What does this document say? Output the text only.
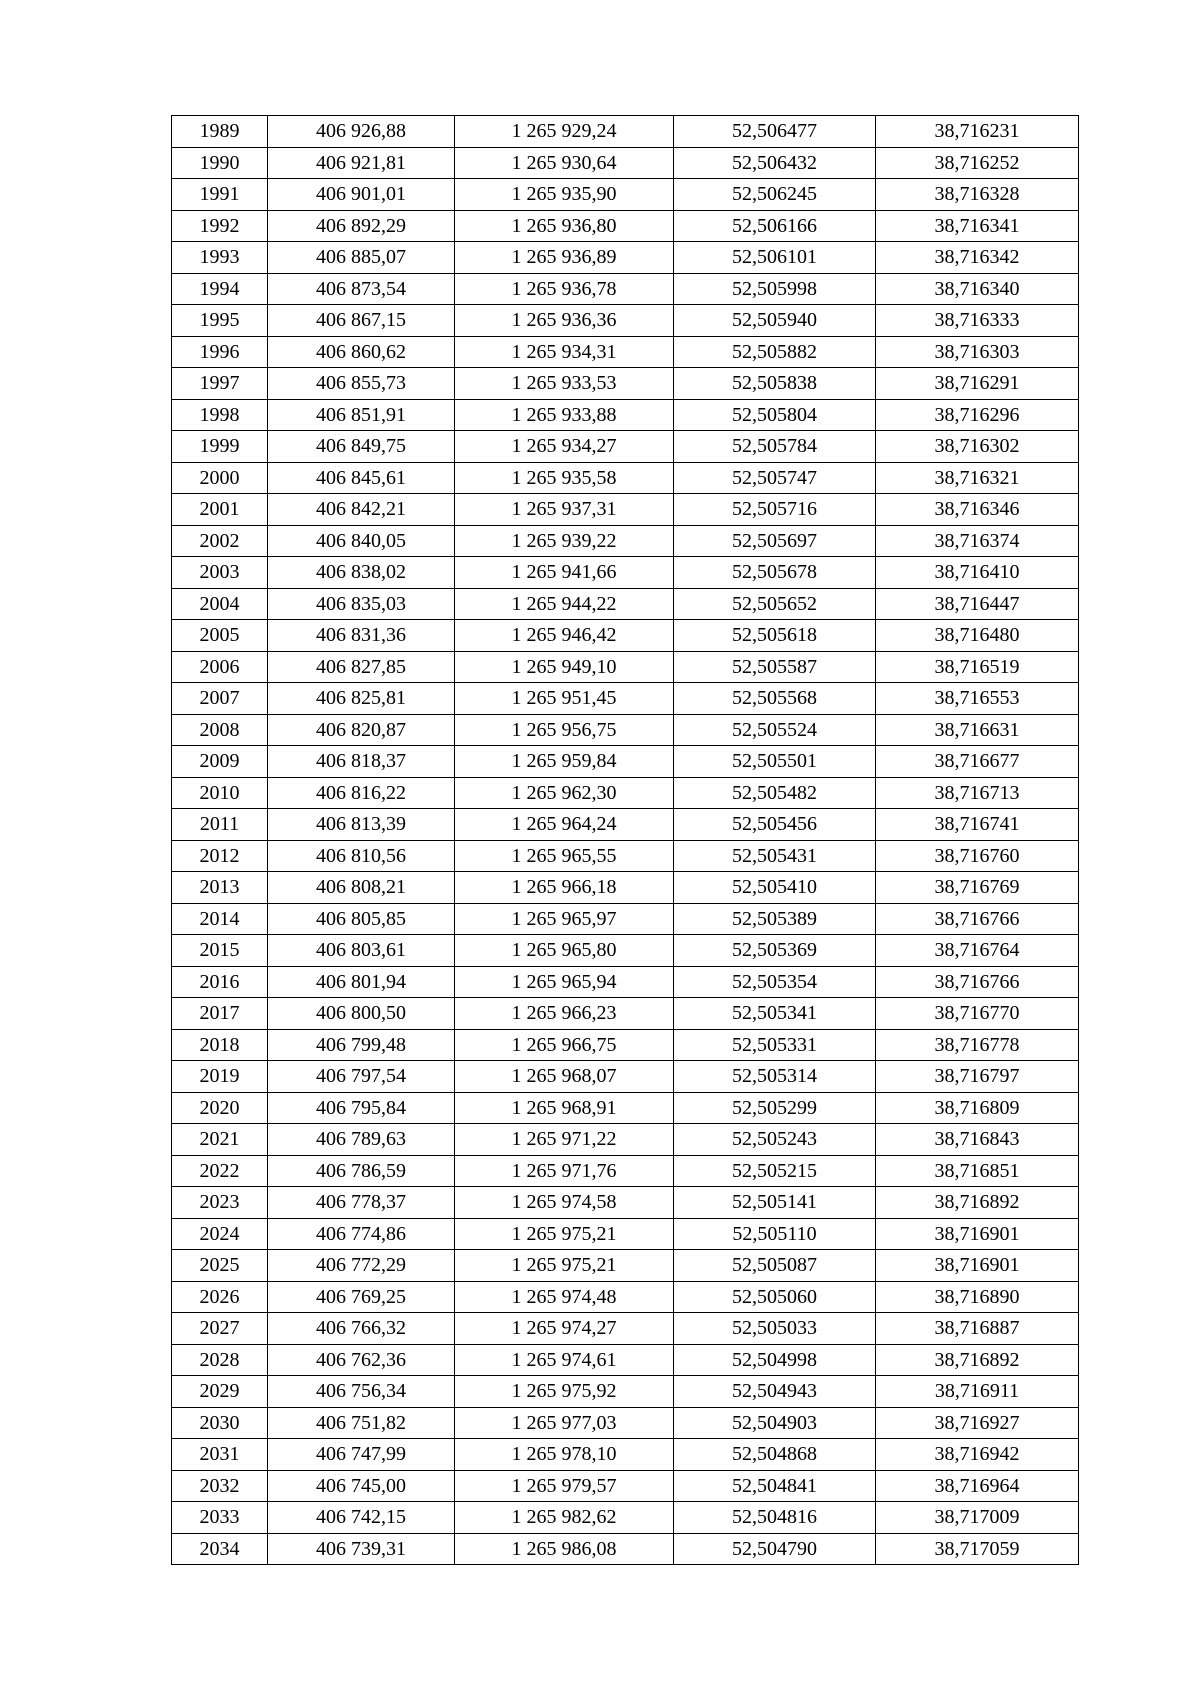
1989	406 926,88	1 265 929,24	52,506477	38,716231
1990	406 921,81	1 265 930,64	52,506432	38,716252
1991	406 901,01	1 265 935,90	52,506245	38,716328
1992	406 892,29	1 265 936,80	52,506166	38,716341
1993	406 885,07	1 265 936,89	52,506101	38,716342
1994	406 873,54	1 265 936,78	52,505998	38,716340
1995	406 867,15	1 265 936,36	52,505940	38,716333
1996	406 860,62	1 265 934,31	52,505882	38,716303
1997	406 855,73	1 265 933,53	52,505838	38,716291
1998	406 851,91	1 265 933,88	52,505804	38,716296
1999	406 849,75	1 265 934,27	52,505784	38,716302
2000	406 845,61	1 265 935,58	52,505747	38,716321
2001	406 842,21	1 265 937,31	52,505716	38,716346
2002	406 840,05	1 265 939,22	52,505697	38,716374
2003	406 838,02	1 265 941,66	52,505678	38,716410
2004	406 835,03	1 265 944,22	52,505652	38,716447
2005	406 831,36	1 265 946,42	52,505618	38,716480
2006	406 827,85	1 265 949,10	52,505587	38,716519
2007	406 825,81	1 265 951,45	52,505568	38,716553
2008	406 820,87	1 265 956,75	52,505524	38,716631
2009	406 818,37	1 265 959,84	52,505501	38,716677
2010	406 816,22	1 265 962,30	52,505482	38,716713
2011	406 813,39	1 265 964,24	52,505456	38,716741
2012	406 810,56	1 265 965,55	52,505431	38,716760
2013	406 808,21	1 265 966,18	52,505410	38,716769
2014	406 805,85	1 265 965,97	52,505389	38,716766
2015	406 803,61	1 265 965,80	52,505369	38,716764
2016	406 801,94	1 265 965,94	52,505354	38,716766
2017	406 800,50	1 265 966,23	52,505341	38,716770
2018	406 799,48	1 265 966,75	52,505331	38,716778
2019	406 797,54	1 265 968,07	52,505314	38,716797
2020	406 795,84	1 265 968,91	52,505299	38,716809
2021	406 789,63	1 265 971,22	52,505243	38,716843
2022	406 786,59	1 265 971,76	52,505215	38,716851
2023	406 778,37	1 265 974,58	52,505141	38,716892
2024	406 774,86	1 265 975,21	52,505110	38,716901
2025	406 772,29	1 265 975,21	52,505087	38,716901
2026	406 769,25	1 265 974,48	52,505060	38,716890
2027	406 766,32	1 265 974,27	52,505033	38,716887
2028	406 762,36	1 265 974,61	52,504998	38,716892
2029	406 756,34	1 265 975,92	52,504943	38,716911
2030	406 751,82	1 265 977,03	52,504903	38,716927
2031	406 747,99	1 265 978,10	52,504868	38,716942
2032	406 745,00	1 265 979,57	52,504841	38,716964
2033	406 742,15	1 265 982,62	52,504816	38,717009
2034	406 739,31	1 265 986,08	52,504790	38,717059
